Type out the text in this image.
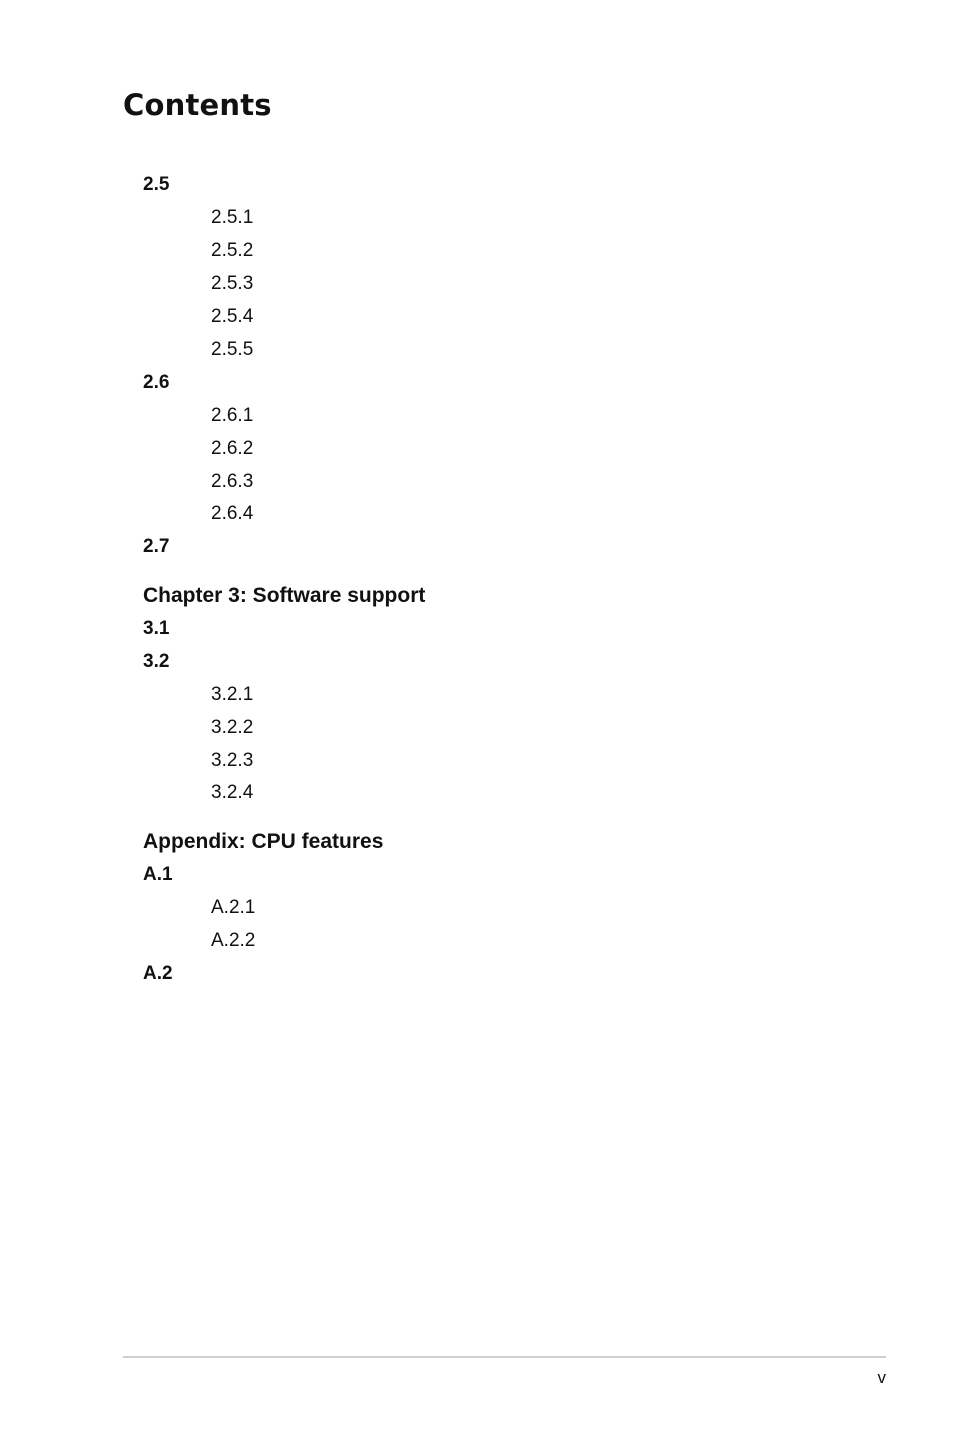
Contents
2.5
2.5.1
2.5.2
2.5.3
2.5.4
2.5.5
2.6
2.6.1
2.6.2
2.6.3
2.6.4
2.7
Chapter 3: Software support
3.1
3.2
3.2.1
3.2.2
3.2.3
3.2.4
Appendix: CPU features
A.1
A.2.1
A.2.2
A.2
v
